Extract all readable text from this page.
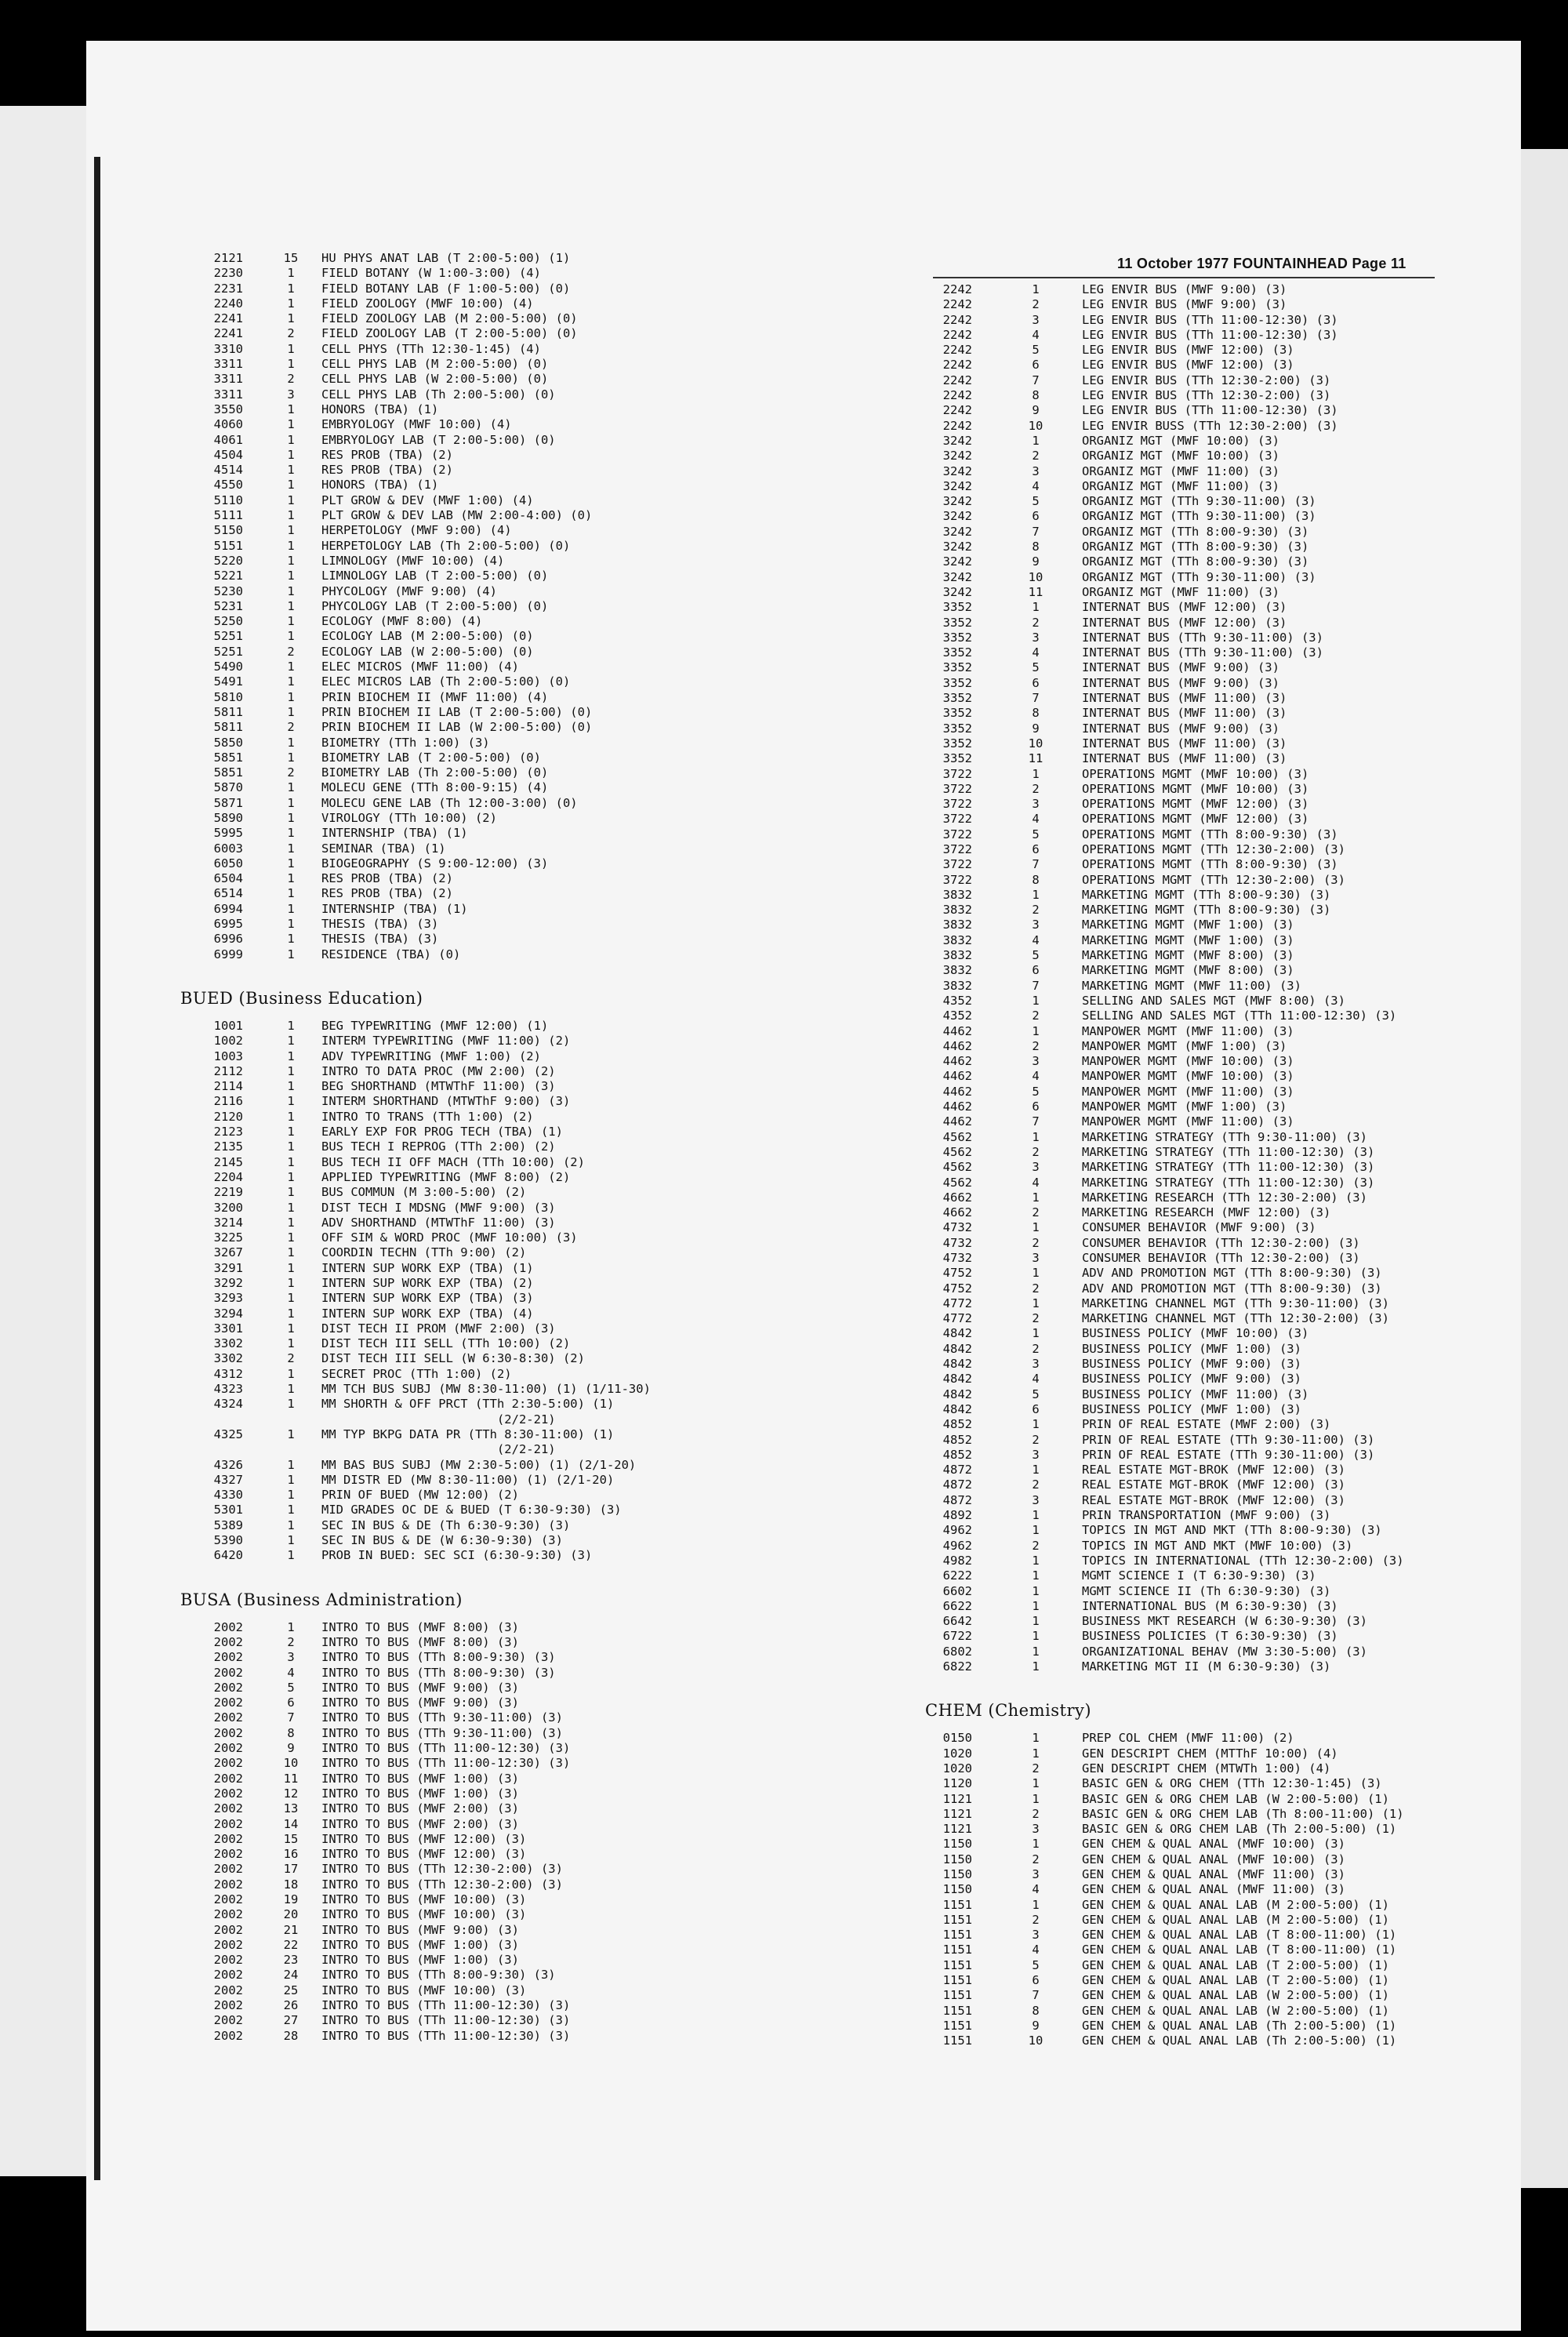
11 October 1977 FOUNTAINHEAD Page 11
2121	15	HU PHYS ANAT LAB (T 2:00-5:00) (1)
2230	1	FIELD BOTANY (W 1:00-3:00) (4)
2231	1	FIELD BOTANY LAB (F 1:00-5:00) (0)
2240	1	FIELD ZOOLOGY (MWF 10:00) (4)
2241	1	FIELD ZOOLOGY LAB (M 2:00-5:00) (0)
2241	2	FIELD ZOOLOGY LAB (T 2:00-5:00) (0)
3310	1	CELL PHYS (TTh 12:30-1:45) (4)
3311	1	CELL PHYS LAB (M 2:00-5:00) (0)
3311	2	CELL PHYS LAB (W 2:00-5:00) (0)
3311	3	CELL PHYS LAB (Th 2:00-5:00) (0)
3550	1	HONORS (TBA) (1)
4060	1	EMBRYOLOGY (MWF 10:00) (4)
4061	1	EMBRYOLOGY LAB (T 2:00-5:00) (0)
4504	1	RES PROB (TBA) (2)
4514	1	RES PROB (TBA) (2)
4550	1	HONORS (TBA) (1)
5110	1	PLT GROW & DEV (MWF 1:00) (4)
5111	1	PLT GROW & DEV LAB (MW 2:00-4:00) (0)
5150	1	HERPETOLOGY (MWF 9:00) (4)
5151	1	HERPETOLOGY LAB (Th 2:00-5:00) (0)
5220	1	LIMNOLOGY (MWF 10:00) (4)
5221	1	LIMNOLOGY LAB (T 2:00-5:00) (0)
5230	1	PHYCOLOGY (MWF 9:00) (4)
5231	1	PHYCOLOGY LAB (T 2:00-5:00) (0)
5250	1	ECOLOGY (MWF 8:00) (4)
5251	1	ECOLOGY LAB (M 2:00-5:00) (0)
5251	2	ECOLOGY LAB (W 2:00-5:00) (0)
5490	1	ELEC MICROS (MWF 11:00) (4)
5491	1	ELEC MICROS LAB (Th 2:00-5:00) (0)
5810	1	PRIN BIOCHEM II (MWF 11:00) (4)
5811	1	PRIN BIOCHEM II LAB (T 2:00-5:00) (0)
5811	2	PRIN BIOCHEM II LAB (W 2:00-5:00) (0)
5850	1	BIOMETRY (TTh 1:00) (3)
5851	1	BIOMETRY LAB (T 2:00-5:00) (0)
5851	2	BIOMETRY LAB (Th 2:00-5:00) (0)
5870	1	MOLECU GENE (TTh 8:00-9:15) (4)
5871	1	MOLECU GENE LAB (Th 12:00-3:00) (0)
5890	1	VIROLOGY (TTh 10:00) (2)
5995	1	INTERNSHIP (TBA) (1)
6003	1	SEMINAR (TBA) (1)
6050	1	BIOGEOGRAPHY (S 9:00-12:00) (3)
6504	1	RES PROB (TBA) (2)
6514	1	RES PROB (TBA) (2)
6994	1	INTERNSHIP (TBA) (1)
6995	1	THESIS (TBA) (3)
6996	1	THESIS (TBA) (3)
6999	1	RESIDENCE (TBA) (0)
BUED (Business Education)
1001	1	BEG TYPEWRITING (MWF 12:00) (1)
1002	1	INTERM TYPEWRITING (MWF 11:00) (2)
1003	1	ADV TYPEWRITING (MWF 1:00) (2)
2112	1	INTRO TO DATA PROC (MW 2:00) (2)
2114	1	BEG SHORTHAND (MTWThF 11:00) (3)
2116	1	INTERM SHORTHAND (MTWThF 9:00) (3)
2120	1	INTRO TO TRANS (TTh 1:00) (2)
2123	1	EARLY EXP FOR PROG TECH (TBA) (1)
2135	1	BUS TECH I REPROG (TTh 2:00) (2)
2145	1	BUS TECH II OFF MACH (TTh 10:00) (2)
2204	1	APPLIED TYPEWRITING (MWF 8:00) (2)
2219	1	BUS COMMUN (M 3:00-5:00) (2)
3200	1	DIST TECH I MDSNG (MWF 9:00) (3)
3214	1	ADV SHORTHAND (MTWThF 11:00) (3)
3225	1	OFF SIM & WORD PROC (MWF 10:00) (3)
3267	1	COORDIN TECHN (TTh 9:00) (2)
3291	1	INTERN SUP WORK EXP (TBA) (1)
3292	1	INTERN SUP WORK EXP (TBA) (2)
3293	1	INTERN SUP WORK EXP (TBA) (3)
3294	1	INTERN SUP WORK EXP (TBA) (4)
3301	1	DIST TECH II PROM (MWF 2:00) (3)
3302	1	DIST TECH III SELL (TTh 10:00) (2)
3302	2	DIST TECH III SELL (W 6:30-8:30) (2)
4312	1	SECRET PROC (TTh 1:00) (2)
4323	1	MM TCH BUS SUBJ (MW 8:30-11:00) (1) (1/11-30)
4324	1	MM SHORTH & OFF PRCT (TTh 2:30-5:00) (1)
(2/2-21)
4325	1	MM TYP BKPG DATA PR (TTh 8:30-11:00) (1)
(2/2-21)
4326	1	MM BAS BUS SUBJ (MW 2:30-5:00) (1) (2/1-20)
4327	1	MM DISTR ED (MW 8:30-11:00) (1) (2/1-20)
4330	1	PRIN OF BUED (MW 12:00) (2)
5301	1	MID GRADES OC DE & BUED (T 6:30-9:30) (3)
5389	1	SEC IN BUS & DE (Th 6:30-9:30) (3)
5390	1	SEC IN BUS & DE (W 6:30-9:30) (3)
6420	1	PROB IN BUED: SEC SCI (6:30-9:30) (3)
BUSA (Business Administration)
2002	1	INTRO TO BUS (MWF 8:00) (3)
2002	2	INTRO TO BUS (MWF 8:00) (3)
2002	3	INTRO TO BUS (TTh 8:00-9:30) (3)
2002	4	INTRO TO BUS (TTh 8:00-9:30) (3)
2002	5	INTRO TO BUS (MWF 9:00) (3)
2002	6	INTRO TO BUS (MWF 9:00) (3)
2002	7	INTRO TO BUS (TTh 9:30-11:00) (3)
2002	8	INTRO TO BUS (TTh 9:30-11:00) (3)
2002	9	INTRO TO BUS (TTh 11:00-12:30) (3)
2002	10	INTRO TO BUS (TTh 11:00-12:30) (3)
2002	11	INTRO TO BUS (MWF 1:00) (3)
2002	12	INTRO TO BUS (MWF 1:00) (3)
2002	13	INTRO TO BUS (MWF 2:00) (3)
2002	14	INTRO TO BUS (MWF 2:00) (3)
2002	15	INTRO TO BUS (MWF 12:00) (3)
2002	16	INTRO TO BUS (MWF 12:00) (3)
2002	17	INTRO TO BUS (TTh 12:30-2:00) (3)
2002	18	INTRO TO BUS (TTh 12:30-2:00) (3)
2002	19	INTRO TO BUS (MWF 10:00) (3)
2002	20	INTRO TO BUS (MWF 10:00) (3)
2002	21	INTRO TO BUS (MWF 9:00) (3)
2002	22	INTRO TO BUS (MWF 1:00) (3)
2002	23	INTRO TO BUS (MWF 1:00) (3)
2002	24	INTRO TO BUS (TTh 8:00-9:30) (3)
2002	25	INTRO TO BUS (MWF 10:00) (3)
2002	26	INTRO TO BUS (TTh 11:00-12:30) (3)
2002	27	INTRO TO BUS (TTh 11:00-12:30) (3)
2002	28	INTRO TO BUS (TTh 11:00-12:30) (3)
2242	1	LEG ENVIR BUS (MWF 9:00) (3)
2242	2	LEG ENVIR BUS (MWF 9:00) (3)
2242	3	LEG ENVIR BUS (TTh 11:00-12:30) (3)
2242	4	LEG ENVIR BUS (TTh 11:00-12:30) (3)
2242	5	LEG ENVIR BUS (MWF 12:00) (3)
2242	6	LEG ENVIR BUS (MWF 12:00) (3)
2242	7	LEG ENVIR BUS (TTh 12:30-2:00) (3)
2242	8	LEG ENVIR BUS (TTh 12:30-2:00) (3)
2242	9	LEG ENVIR BUS (TTh 11:00-12:30) (3)
2242	10	LEG ENVIR BUSS (TTh 12:30-2:00) (3)
3242	1	ORGANIZ MGT (MWF 10:00) (3)
3242	2	ORGANIZ MGT (MWF 10:00) (3)
3242	3	ORGANIZ MGT (MWF 11:00) (3)
3242	4	ORGANIZ MGT (MWF 11:00) (3)
3242	5	ORGANIZ MGT (TTh 9:30-11:00) (3)
3242	6	ORGANIZ MGT (TTh 9:30-11:00) (3)
3242	7	ORGANIZ MGT (TTh 8:00-9:30) (3)
3242	8	ORGANIZ MGT (TTh 8:00-9:30) (3)
3242	9	ORGANIZ MGT (TTh 8:00-9:30) (3)
3242	10	ORGANIZ MGT (TTh 9:30-11:00) (3)
3242	11	ORGANIZ MGT (MWF 11:00) (3)
3352	1	INTERNAT BUS (MWF 12:00) (3)
3352	2	INTERNAT BUS (MWF 12:00) (3)
3352	3	INTERNAT BUS (TTh 9:30-11:00) (3)
3352	4	INTERNAT BUS (TTh 9:30-11:00) (3)
3352	5	INTERNAT BUS (MWF 9:00) (3)
3352	6	INTERNAT BUS (MWF 9:00) (3)
3352	7	INTERNAT BUS (MWF 11:00) (3)
3352	8	INTERNAT BUS (MWF 11:00) (3)
3352	9	INTERNAT BUS (MWF 9:00) (3)
3352	10	INTERNAT BUS (MWF 11:00) (3)
3352	11	INTERNAT BUS (MWF 11:00) (3)
3722	1	OPERATIONS MGMT (MWF 10:00) (3)
3722	2	OPERATIONS MGMT (MWF 10:00) (3)
3722	3	OPERATIONS MGMT (MWF 12:00) (3)
3722	4	OPERATIONS MGMT (MWF 12:00) (3)
3722	5	OPERATIONS MGMT (TTh 8:00-9:30) (3)
3722	6	OPERATIONS MGMT (TTh 12:30-2:00) (3)
3722	7	OPERATIONS MGMT (TTh 8:00-9:30) (3)
3722	8	OPERATIONS MGMT (TTh 12:30-2:00) (3)
3832	1	MARKETING MGMT (TTh 8:00-9:30) (3)
3832	2	MARKETING MGMT (TTh 8:00-9:30) (3)
3832	3	MARKETING MGMT (MWF 1:00) (3)
3832	4	MARKETING MGMT (MWF 1:00) (3)
3832	5	MARKETING MGMT (MWF 8:00) (3)
3832	6	MARKETING MGMT (MWF 8:00) (3)
3832	7	MARKETING MGMT (MWF 11:00) (3)
4352	1	SELLING AND SALES MGT (MWF 8:00) (3)
4352	2	SELLING AND SALES MGT (TTh 11:00-12:30) (3)
4462	1	MANPOWER MGMT (MWF 11:00) (3)
4462	2	MANPOWER MGMT (MWF 1:00) (3)
4462	3	MANPOWER MGMT (MWF 10:00) (3)
4462	4	MANPOWER MGMT (MWF 10:00) (3)
4462	5	MANPOWER MGMT (MWF 11:00) (3)
4462	6	MANPOWER MGMT (MWF 1:00) (3)
4462	7	MANPOWER MGMT (MWF 11:00) (3)
4562	1	MARKETING STRATEGY (TTh 9:30-11:00) (3)
4562	2	MARKETING STRATEGY (TTh 11:00-12:30) (3)
4562	3	MARKETING STRATEGY (TTh 11:00-12:30) (3)
4562	4	MARKETING STRATEGY (TTh 11:00-12:30) (3)
4662	1	MARKETING RESEARCH (TTh 12:30-2:00) (3)
4662	2	MARKETING RESEARCH (MWF 12:00) (3)
4732	1	CONSUMER BEHAVIOR (MWF 9:00) (3)
4732	2	CONSUMER BEHAVIOR (TTh 12:30-2:00) (3)
4732	3	CONSUMER BEHAVIOR (TTh 12:30-2:00) (3)
4752	1	ADV AND PROMOTION MGT (TTh 8:00-9:30) (3)
4752	2	ADV AND PROMOTION MGT (TTh 8:00-9:30) (3)
4772	1	MARKETING CHANNEL MGT (TTh 9:30-11:00) (3)
4772	2	MARKETING CHANNEL MGT (TTh 12:30-2:00) (3)
4842	1	BUSINESS POLICY (MWF 10:00) (3)
4842	2	BUSINESS POLICY (MWF 1:00) (3)
4842	3	BUSINESS POLICY (MWF 9:00) (3)
4842	4	BUSINESS POLICY (MWF 9:00) (3)
4842	5	BUSINESS POLICY (MWF 11:00) (3)
4842	6	BUSINESS POLICY (MWF 1:00) (3)
4852	1	PRIN OF REAL ESTATE (MWF 2:00) (3)
4852	2	PRIN OF REAL ESTATE (TTh 9:30-11:00) (3)
4852	3	PRIN OF REAL ESTATE (TTh 9:30-11:00) (3)
4872	1	REAL ESTATE MGT-BROK (MWF 12:00) (3)
4872	2	REAL ESTATE MGT-BROK (MWF 12:00) (3)
4872	3	REAL ESTATE MGT-BROK (MWF 12:00) (3)
4892	1	PRIN TRANSPORTATION (MWF 9:00) (3)
4962	1	TOPICS IN MGT AND MKT (TTh 8:00-9:30) (3)
4962	2	TOPICS IN MGT AND MKT (MWF 10:00) (3)
4982	1	TOPICS IN INTERNATIONAL (TTh 12:30-2:00) (3)
6222	1	MGMT SCIENCE I (T 6:30-9:30) (3)
6602	1	MGMT SCIENCE II (Th 6:30-9:30) (3)
6622	1	INTERNATIONAL BUS (M 6:30-9:30) (3)
6642	1	BUSINESS MKT RESEARCH (W 6:30-9:30) (3)
6722	1	BUSINESS POLICIES (T 6:30-9:30) (3)
6802	1	ORGANIZATIONAL BEHAV (MW 3:30-5:00) (3)
6822	1	MARKETING MGT II (M 6:30-9:30) (3)
CHEM (Chemistry)
0150	1	PREP COL CHEM (MWF 11:00) (2)
1020	1	GEN DESCRIPT CHEM (MTThF 10:00) (4)
1020	2	GEN DESCRIPT CHEM (MTWTh 1:00) (4)
1120	1	BASIC GEN & ORG CHEM (TTh 12:30-1:45) (3)
1121	1	BASIC GEN & ORG CHEM LAB (W 2:00-5:00) (1)
1121	2	BASIC GEN & ORG CHEM LAB (Th 8:00-11:00) (1)
1121	3	BASIC GEN & ORG CHEM LAB (Th 2:00-5:00) (1)
1150	1	GEN CHEM & QUAL ANAL (MWF 10:00) (3)
1150	2	GEN CHEM & QUAL ANAL (MWF 10:00) (3)
1150	3	GEN CHEM & QUAL ANAL (MWF 11:00) (3)
1150	4	GEN CHEM & QUAL ANAL (MWF 11:00) (3)
1151	1	GEN CHEM & QUAL ANAL LAB (M 2:00-5:00) (1)
1151	2	GEN CHEM & QUAL ANAL LAB (M 2:00-5:00) (1)
1151	3	GEN CHEM & QUAL ANAL LAB (T 8:00-11:00) (1)
1151	4	GEN CHEM & QUAL ANAL LAB (T 8:00-11:00) (1)
1151	5	GEN CHEM & QUAL ANAL LAB (T 2:00-5:00) (1)
1151	6	GEN CHEM & QUAL ANAL LAB (T 2:00-5:00) (1)
1151	7	GEN CHEM & QUAL ANAL LAB (W 2:00-5:00) (1)
1151	8	GEN CHEM & QUAL ANAL LAB (W 2:00-5:00) (1)
1151	9	GEN CHEM & QUAL ANAL LAB (Th 2:00-5:00) (1)
1151	10	GEN CHEM & QUAL ANAL LAB (Th 2:00-5:00) (1)
